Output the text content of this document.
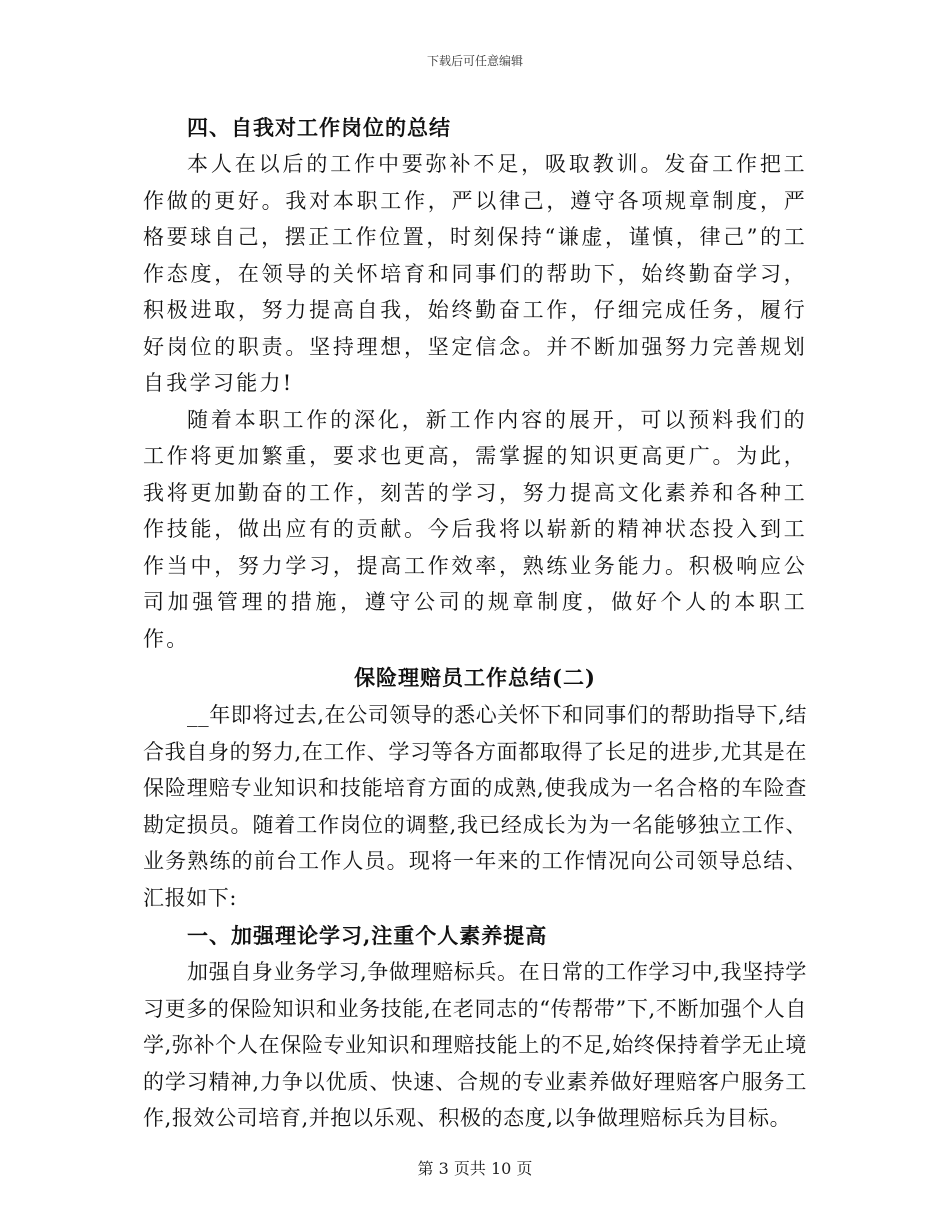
下载后可任意编辑
四、自我对工作岗位的总结

本人在以后的工作中要弥补不足，吸取教训。发奋工作把工作做的更好。我对本职工作，严以律己，遵守各项规章制度，严格要球自己，摆正工作位置，时刻保持“谦虚，谨慎，律己”的工作态度，在领导的关怀培育和同事们的帮助下，始终勤奋学习，积极进取，努力提高自我，始终勤奋工作，仔细完成任务，履行好岗位的职责。坚持理想，坚定信念。并不断加强努力完善规划自我学习能力!

随着本职工作的深化，新工作内容的展开，可以预料我们的工作将更加繁重，要求也更高，需掌握的知识更高更广。为此，我将更加勤奋的工作，刻苦的学习，努力提高文化素养和各种工作技能，做出应有的贡献。今后我将以崭新的精神状态投入到工作当中，努力学习，提高工作效率，熟练业务能力。积极响应公司加强管理的措施，遵守公司的规章制度，做好个人的本职工作。

保险理赔员工作总结(二)

__年即将过去,在公司领导的悉心关怀下和同事们的帮助指导下,结合我自身的努力,在工作、学习等各方面都取得了长足的进步,尤其是在保险理赔专业知识和技能培育方面的成熟,使我成为一名合格的车险查勘定损员。随着工作岗位的调整,我已经成长为为一名能够独立工作、业务熟练的前台工作人员。现将一年来的工作情况向公司领导总结、汇报如下:

一、加强理论学习,注重个人素养提高

加强自身业务学习,争做理赔标兵。在日常的工作学习中,我坚持学习更多的保险知识和业务技能,在老同志的“传帮带”下,不断加强个人自学,弥补个人在保险专业知识和理赔技能上的不足,始终保持着学无止境的学习精神,力争以优质、快速、合规的专业素养做好理赔客户服务工作,报效公司培育,并抱以乐观、积极的态度,以争做理赔标兵为目标。

第 3 页共 10 页
